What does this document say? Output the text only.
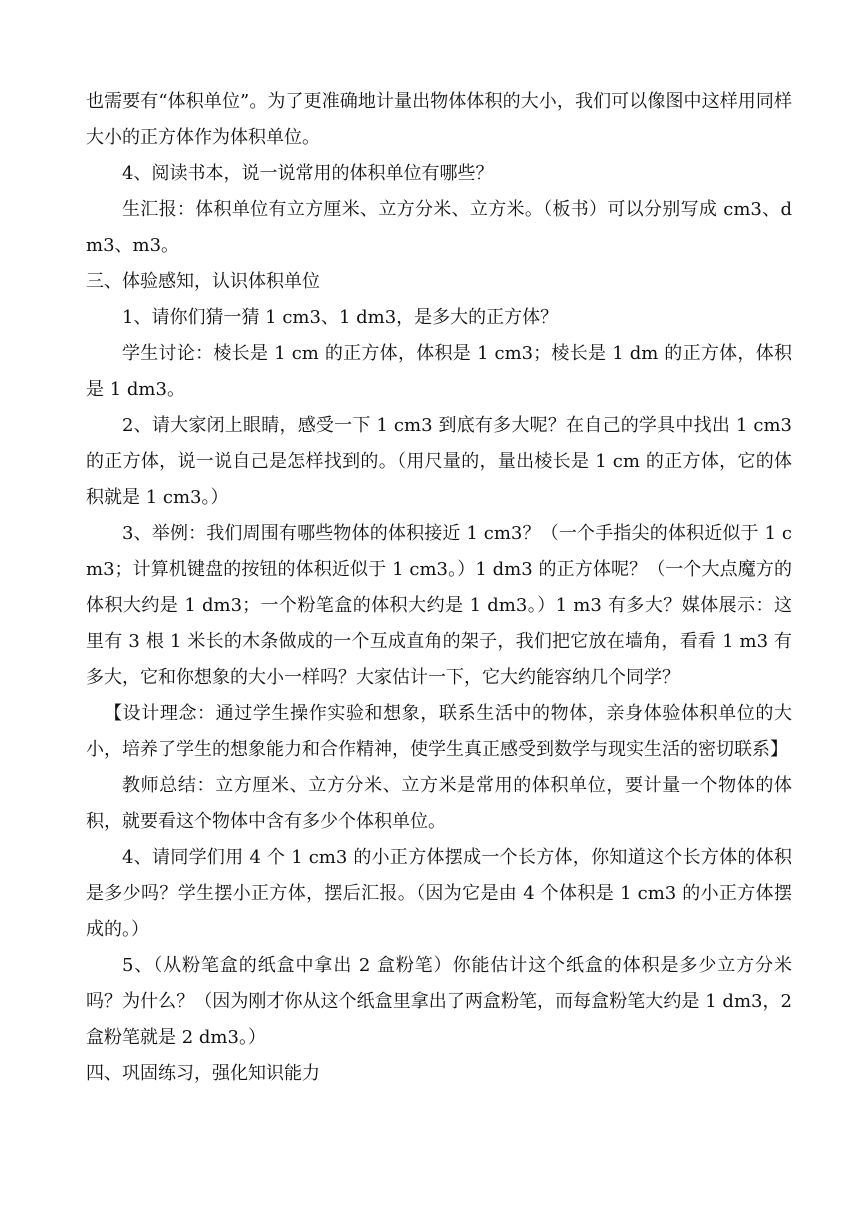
也需要有“体积单位”。为了更准确地计量出物体体积的大小，我们可以像图中这样用同样大小的正方体作为体积单位。

4、阅读书本，说一说常用的体积单位有哪些？

生汇报：体积单位有立方厘米、立方分米、立方米。（板书）可以分别写成 cm3、dm3、m3。

三、体验感知，认识体积单位

1、请你们猜一猜 1 cm3、1 dm3，是多大的正方体？

学生讨论：棱长是 1 cm 的正方体，体积是 1 cm3；棱长是 1 dm 的正方体，体积是 1 dm3。

2、请大家闭上眼睛，感受一下 1 cm3 到底有多大呢？在自己的学具中找出 1 cm3 的正方体，说一说自己是怎样找到的。（用尺量的，量出棱长是 1 cm 的正方体，它的体积就是 1 cm3。）

3、举例：我们周围有哪些物体的体积接近 1 cm3？（一个手指尖的体积近似于 1 cm3；计算机键盘的按钮的体积近似于 1 cm3。）1 dm3 的正方体呢？（一个大点魔方的体积大约是 1 dm3；一个粉笔盒的体积大约是 1 dm3。）1 m3 有多大？媒体展示：这里有 3 根 1 米长的木条做成的一个互成直角的架子，我们把它放在墙角，看看 1 m3 有多大，它和你想象的大小一样吗？大家估计一下，它大约能容纳几个同学？

【设计理念：通过学生操作实验和想象，联系生活中的物体，亲身体验体积单位的大小，培养了学生的想象能力和合作精神，使学生真正感受到数学与现实生活的密切联系】

教师总结：立方厘米、立方分米、立方米是常用的体积单位，要计量一个物体的体积，就要看这个物体中含有多少个体积单位。

4、请同学们用 4 个 1 cm3 的小正方体摆成一个长方体，你知道这个长方体的体积是多少吗？学生摆小正方体，摆后汇报。（因为它是由 4 个体积是 1 cm3 的小正方体摆成的。）

5、（从粉笔盒的纸盒中拿出 2 盒粉笔）你能估计这个纸盒的体积是多少立方分米吗？为什么？（因为刚才你从这个纸盒里拿出了两盒粉笔，而每盒粉笔大约是 1 dm3，2 盒粉笔就是 2 dm3。）

四、巩固练习，强化知识能力
